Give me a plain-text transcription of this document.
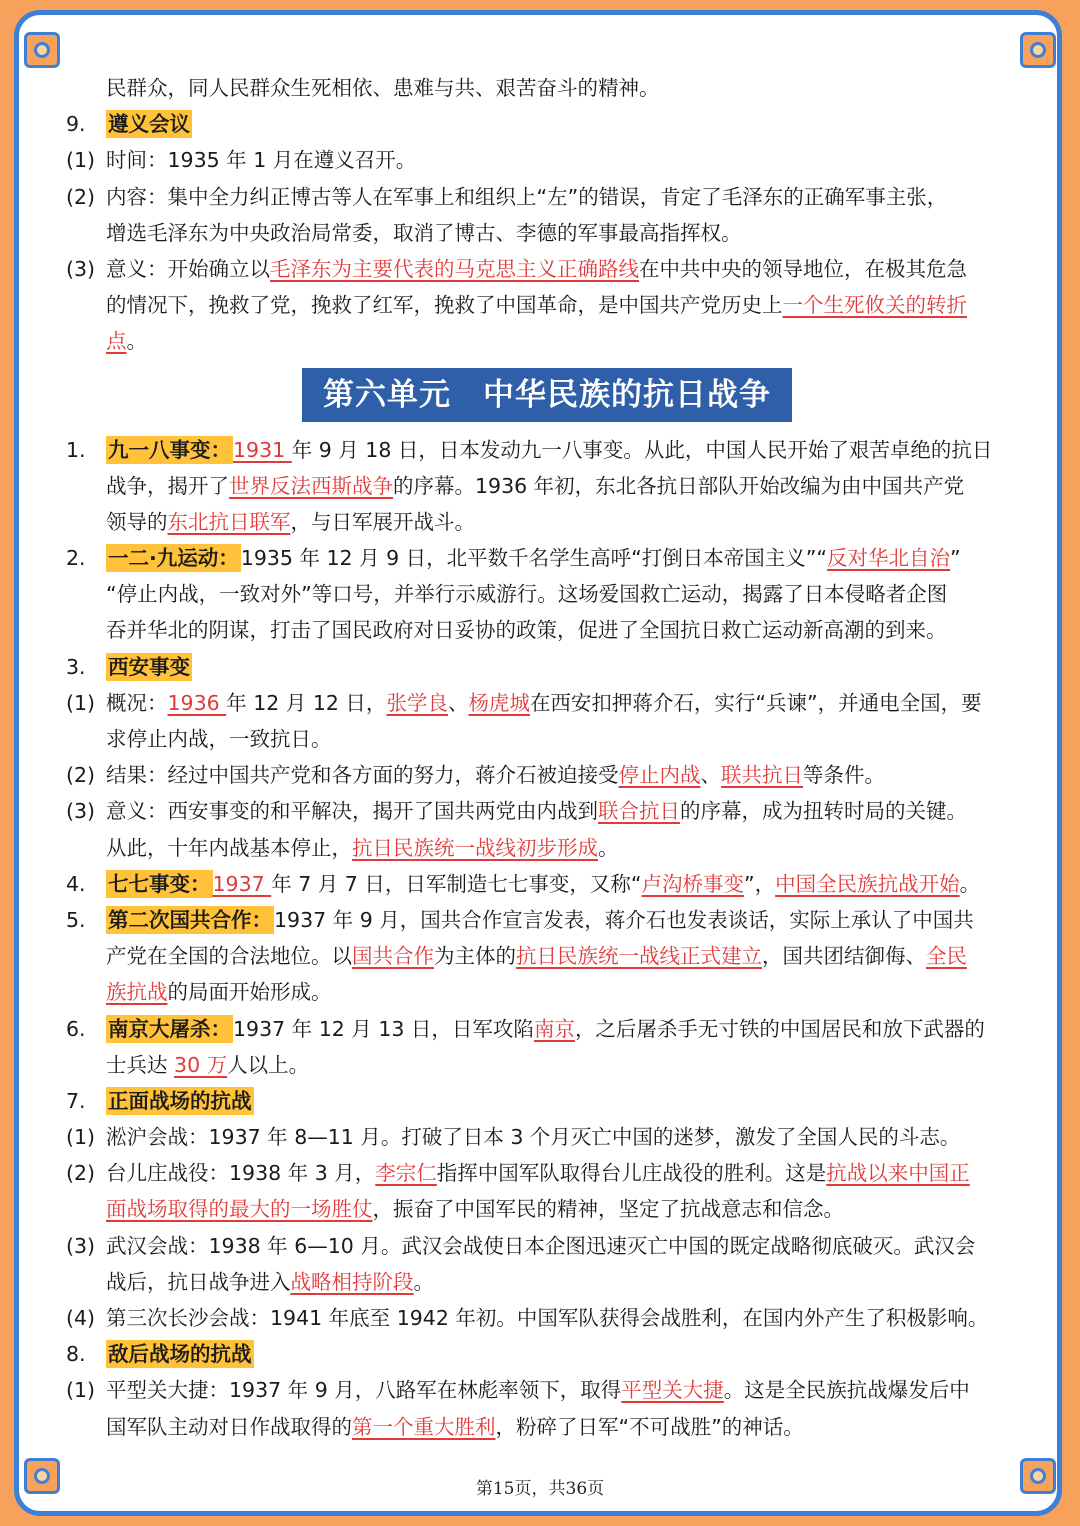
民群众，同人民群众生死相依、患难与共、艰苦奋斗的精神。
9. 遵义会议
(1) 时间：1935 年 1 月在遵义召开。
(2) 内容：集中全力纠正博古等人在军事上和组织上“左”的错误，肯定了毛泽东的正确军事主张，
增选毛泽东为中央政治局常委，取消了博古、李德的军事最高指挥权。
(3) 意义：开始确立以毛泽东为主要代表的马克思主义正确路线在中共中央的领导地位，在极其危急
的情况下，挽救了党，挽救了红军，挽救了中国革命，是中国共产党历史上一个生死攸关的转折
点。
第六单元　中华民族的抗日战争
1. 九一八事变：1931 年 9 月 18 日，日本发动九一八事变。从此，中国人民开始了艰苦卓绝的抗日
战争，揭开了世界反法西斯战争的序幕。1936 年初，东北各抗日部队开始改编为由中国共产党
领导的东北抗日联军，与日军展开战斗。
2. 一二·九运动：1935 年 12 月 9 日，北平数千名学生高呼“打倒日本帝国主义”“反对华北自治”
“停止内战，一致对外”等口号，并举行示威游行。这场爱国救亡运动，揭露了日本侵略者企图
吞并华北的阴谋，打击了国民政府对日妥协的政策，促进了全国抗日救亡运动新高潮的到来。
3. 西安事变
(1) 概况：1936 年 12 月 12 日，张学良、杨虎城在西安扣押蒋介石，实行“兵谏”，并通电全国，要
求停止内战，一致抗日。
(2) 结果：经过中国共产党和各方面的努力，蒋介石被迫接受停止内战、联共抗日等条件。
(3) 意义：西安事变的和平解决，揭开了国共两党由内战到联合抗日的序幕，成为扭转时局的关键。
从此，十年内战基本停止，抗日民族统一战线初步形成。
4. 七七事变：1937 年 7 月 7 日，日军制造七七事变，又称“卢沟桥事变”，中国全民族抗战开始。
5. 第二次国共合作：1937 年 9 月，国共合作宣言发表，蒋介石也发表谈话，实际上承认了中国共
产党在全国的合法地位。以国共合作为主体的抗日民族统一战线正式建立，国共团结御侮、全民
族抗战的局面开始形成。
6. 南京大屠杀：1937 年 12 月 13 日，日军攻陷南京，之后屠杀手无寸铁的中国居民和放下武器的
士兵达 30 万人以上。
7. 正面战场的抗战
(1) 淞沪会战：1937 年 8—11 月。打破了日本 3 个月灭亡中国的迷梦，激发了全国人民的斗志。
(2) 台儿庄战役：1938 年 3 月，李宗仁指挥中国军队取得台儿庄战役的胜利。这是抗战以来中国正
面战场取得的最大的一场胜仗，振奋了中国军民的精神，坚定了抗战意志和信念。
(3) 武汉会战：1938 年 6—10 月。武汉会战使日本企图迅速灭亡中国的既定战略彻底破灭。武汉会
战后，抗日战争进入战略相持阶段。
(4) 第三次长沙会战：1941 年底至 1942 年初。中国军队获得会战胜利，在国内外产生了积极影响。
8. 敌后战场的抗战
(1) 平型关大捷：1937 年 9 月，八路军在林彪率领下，取得平型关大捷。这是全民族抗战爆发后中
国军队主动对日作战取得的第一个重大胜利，粉碎了日军“不可战胜”的神话。
第15页，共36页
